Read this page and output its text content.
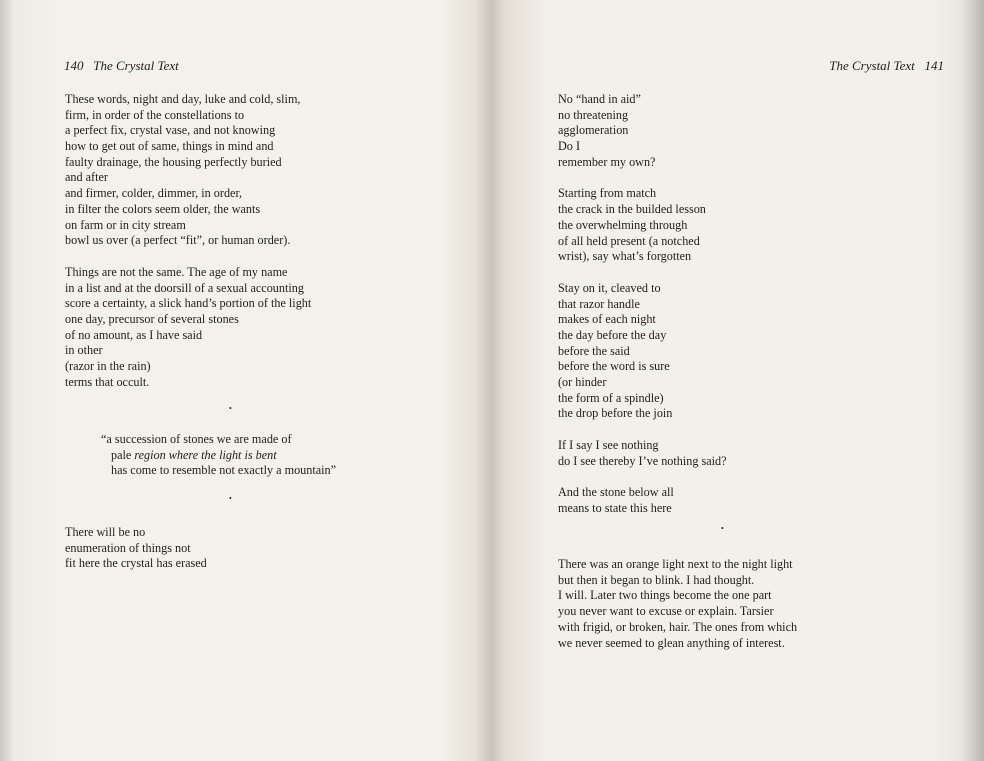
140 The Crystal Text
These words, night and day, luke and cold, slim,
firm, in order of the constellations to
a perfect fix, crystal vase, and not knowing
how to get out of same, things in mind and
faulty drainage, the housing perfectly buried
and after
and firmer, colder, dimmer, in order,
in filter the colors seem older, the wants
on farm or in city stream
bowl us over (a perfect “fit”, or human order).
Things are not the same. The age of my name
in a list and at the doorsill of a sexual accounting
score a certainty, a slick hand’s portion of the light
one day, precursor of several stones
of no amount, as I have said
in other
(razor in the rain)
terms that occult.
•
“a succession of stones we are made of
pale region where the light is bent
has come to resemble not exactly a mountain”
•
There will be no
enumeration of things not
fit here the crystal has erased
The Crystal Text 141
No “hand in aid”
no threatening
agglomeration
Do I
remember my own?
Starting from match
the crack in the builded lesson
the overwhelming through
of all held present (a notched
wrist), say what’s forgotten
Stay on it, cleaved to
that razor handle
makes of each night
the day before the day
before the said
before the word is sure
(or hinder
the form of a spindle)
the drop before the join
If I say I see nothing
do I see thereby I’ve nothing said?
And the stone below all
means to state this here
•
There was an orange light next to the night light
but then it began to blink. I had thought.
I will. Later two things become the one part
you never want to excuse or explain. Tarsier
with frigid, or broken, hair. The ones from which
we never seemed to glean anything of interest.
